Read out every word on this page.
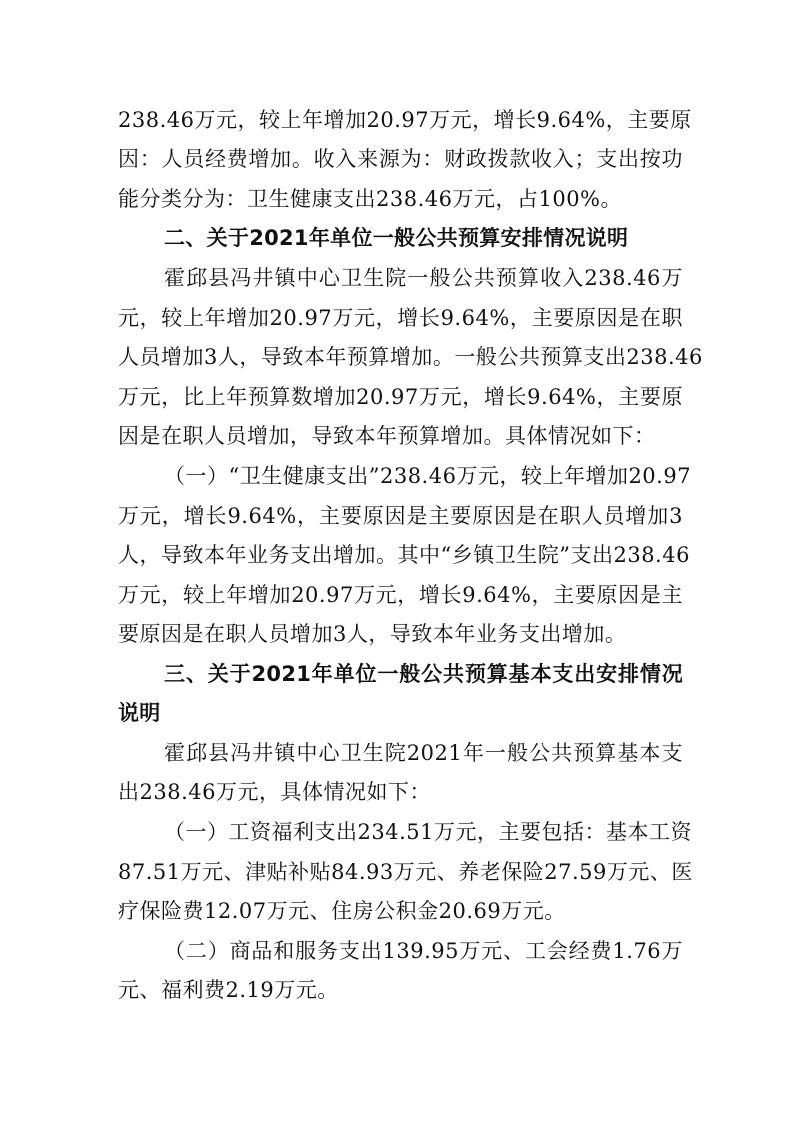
238.46万元，较上年增加20.97万元，增长9.64%，主要原
因：人员经费增加。收入来源为：财政拨款收入；支出按功
能分类分为：卫生健康支出238.46万元，占100%。
二、关于2021年单位一般公共预算安排情况说明
霍邱县冯井镇中心卫生院一般公共预算收入238.46万
元，较上年增加20.97万元，增长9.64%，主要原因是在职
人员增加3人，导致本年预算增加。一般公共预算支出238.46
万元，比上年预算数增加20.97万元，增长9.64%，主要原
因是在职人员增加，导致本年预算增加。具体情况如下：
（一）“卫生健康支出”238.46万元，较上年增加20.97
万元，增长9.64%，主要原因是主要原因是在职人员增加3
人，导致本年业务支出增加。其中“乡镇卫生院”支出238.46
万元，较上年增加20.97万元，增长9.64%，主要原因是主
要原因是在职人员增加3人，导致本年业务支出增加。
三、关于2021年单位一般公共预算基本支出安排情况
说明
霍邱县冯井镇中心卫生院2021年一般公共预算基本支
出238.46万元，具体情况如下：
（一）工资福利支出234.51万元，主要包括：基本工资
87.51万元、津贴补贴84.93万元、养老保险27.59万元、医
疗保险费12.07万元、住房公积金20.69万元。
（二）商品和服务支出139.95万元、工会经费1.76万
元、福利费2.19万元。
